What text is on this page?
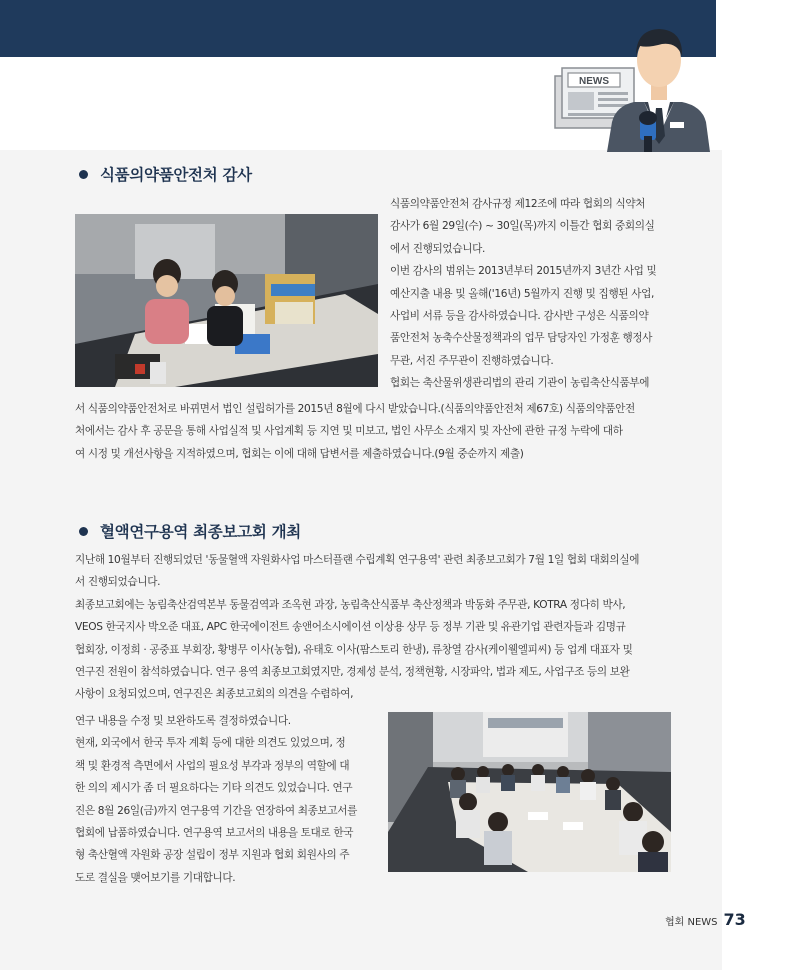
NEWS
식품의약품안전처 감사

식품의약품안전처 감사규정 제12조에 따라 협회의 식약처

감사가 6월 29일(수) ~ 30일(목)까지 이틀간 협회 중회의실

에서 진행되었습니다.

이번 감사의 범위는 2013년부터 2015년까지 3년간 사업 및

예산지출 내용 및 올해('16년) 5월까지 진행 및 집행된 사업,

사업비 서류 등을 감사하였습니다. 감사반 구성은 식품의약

품안전처 농축수산물정책과의 업무 담당자인 가정훈 행정사

무관, 서진 주무관이 진행하였습니다.

협회는 축산물위생관리법의 관리 기관이 농림축산식품부에

서 식품의약품안전처로 바뀌면서 법인 설립허가를 2015년 8월에 다시 받았습니다.(식품의약품안전처 제67호) 식품의약품안전

처에서는 감사 후 공문을 통해 사업실적 및 사업계획 등 지연 및 미보고, 법인 사무소 소재지 및 자산에 관한 규정 누락에 대하

여 시정 및 개선사항을 지적하였으며, 협회는 이에 대해 답변서를 제출하였습니다.(9월 중순까지 제출)

혈액연구용역 최종보고회 개최

지난해 10월부터 진행되었던 '동물혈액 자원화사업 마스터플랜 수립계획 연구용역' 관련 최종보고회가 7월 1일 협회 대회의실에

서 진행되었습니다.

최종보고회에는 농림축산검역본부 동물검역과 조옥현 과장, 농림축산식품부 축산정책과 박동화 주무관, KOTRA 정다히 박사,

VEOS 한국지사 박오준 대표, APC 한국에이전트 송앤어소시에이션 이상용 상무 등 정부 기관 및 유관기업 관련자들과 김명규

협회장, 이정희 · 공중표 부회장, 황병무 이사(농협), 유태호 이사(팜스토리 한냉), 류창열 감사(케이웰엘피씨) 등 업계 대표자 및

연구진 전원이 참석하였습니다. 연구 용역 최종보고회였지만, 경제성 분석, 정책현황, 시장파악, 법과 제도, 사업구조 등의 보완

사항이 요청되었으며, 연구진은 최종보고회의 의견을 수렴하여,

연구 내용을 수정 및 보완하도록 결정하였습니다.

현재, 외국에서 한국 투자 계획 등에 대한 의견도 있었으며, 정

책 및 환경적 측면에서 사업의 필요성 부각과 정부의 역할에 대

한 의의 제시가 좀 더 필요하다는 기타 의견도 있었습니다. 연구

진은 8월 26일(금)까지 연구용역 기간을 연장하여 최종보고서를

협회에 납품하였습니다. 연구용역 보고서의 내용을 토대로 한국

형 축산혈액 자원화 공장 설립이 정부 지원과 협회 회원사의 주

도로 결실을 맺어보기를 기대합니다.

협회 NEWS 73
